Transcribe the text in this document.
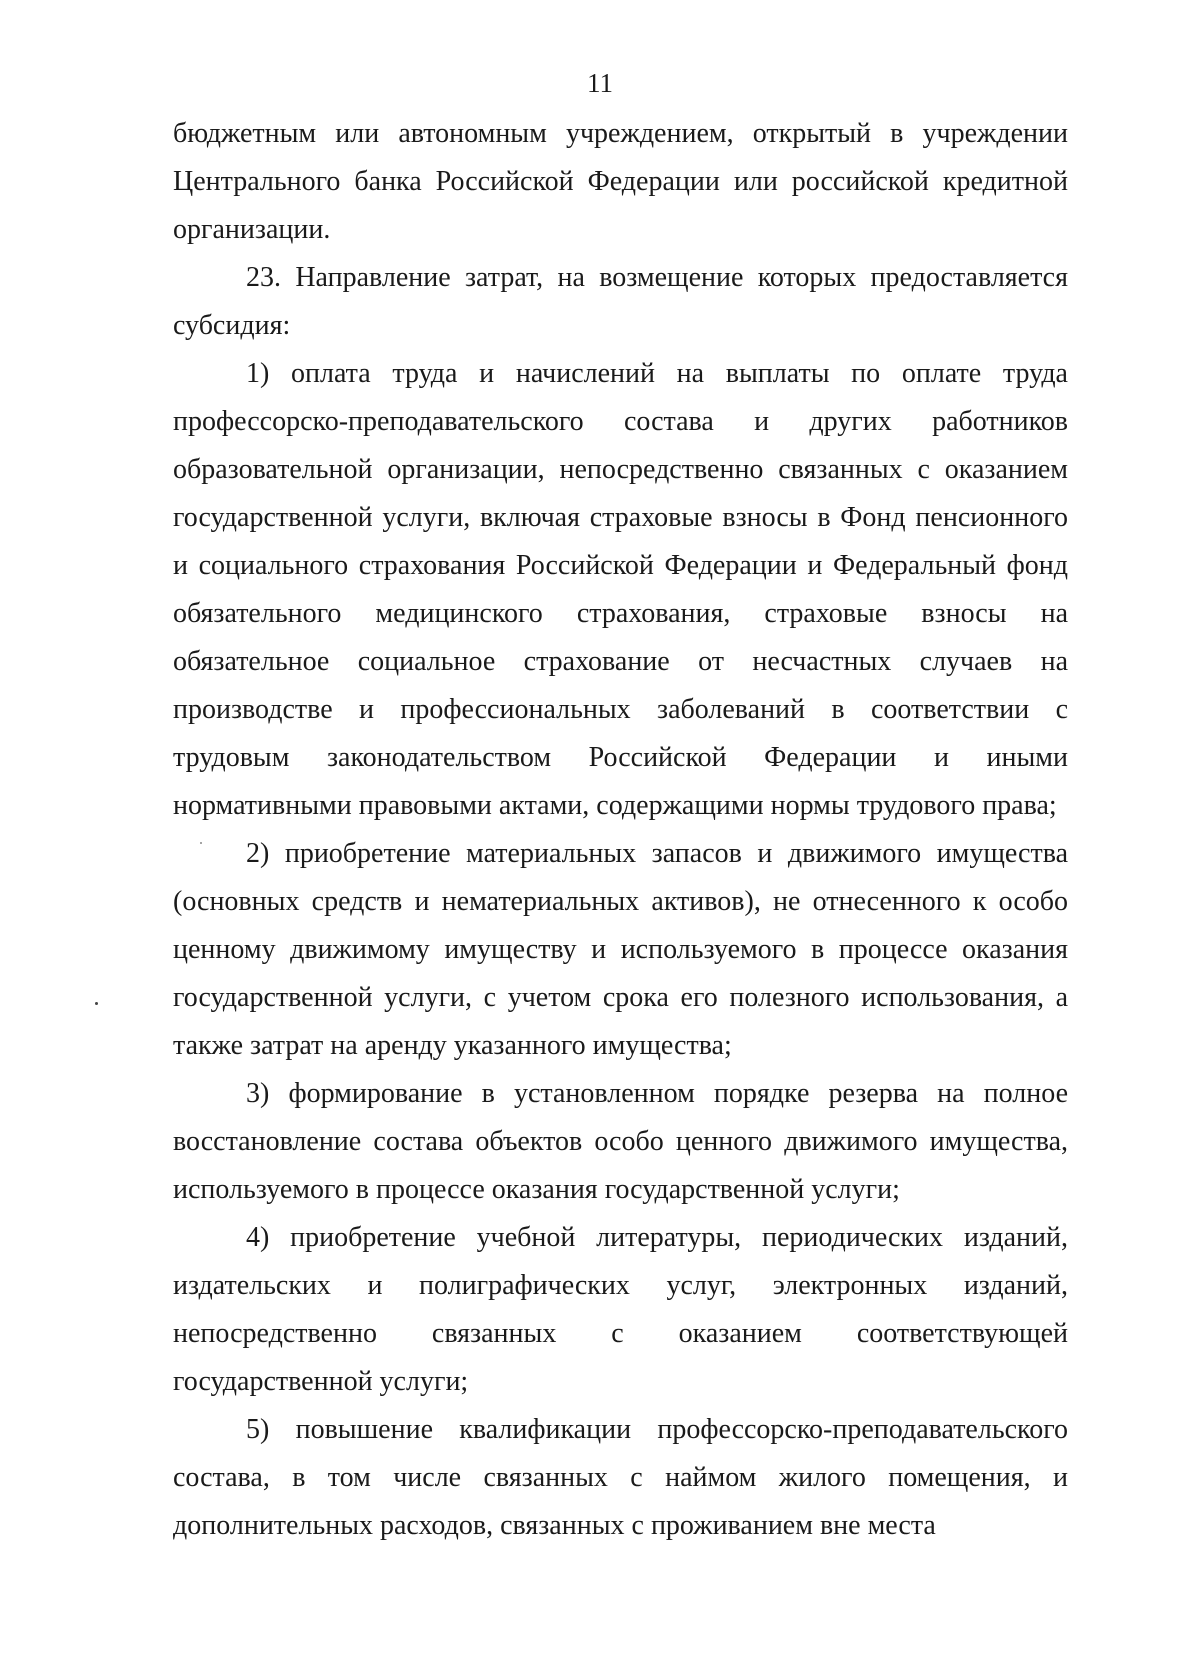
11

бюджетным или автономным учреждением, открытый в учреждении Центрального банка Российской Федерации или российской кредитной организации.

23. Направление затрат, на возмещение которых предоставляется субсидия:

1) оплата труда и начислений на выплаты по оплате труда профессорско-преподавательского состава и других работников образовательной организации, непосредственно связанных с оказанием государственной услуги, включая страховые взносы в Фонд пенсионного и социального страхования Российской Федерации и Федеральный фонд обязательного медицинского страхования, страховые взносы на обязательное социальное страхование от несчастных случаев на производстве и профессиональных заболеваний в соответствии с трудовым законодательством Российской Федерации и иными нормативными правовыми актами, содержащими нормы трудового права;

2) приобретение материальных запасов и движимого имущества (основных средств и нематериальных активов), не отнесенного к особо ценному движимому имуществу и используемого в процессе оказания государственной услуги, с учетом срока его полезного использования, а также затрат на аренду указанного имущества;

3) формирование в установленном порядке резерва на полное восстановление состава объектов особо ценного движимого имущества, используемого в процессе оказания государственной услуги;

4) приобретение учебной литературы, периодических изданий, издательских и полиграфических услуг, электронных изданий, непосредственно связанных с оказанием соответствующей государственной услуги;

5) повышение квалификации профессорско-преподавательского состава, в том числе связанных с наймом жилого помещения, и дополнительных расходов, связанных с проживанием вне места
